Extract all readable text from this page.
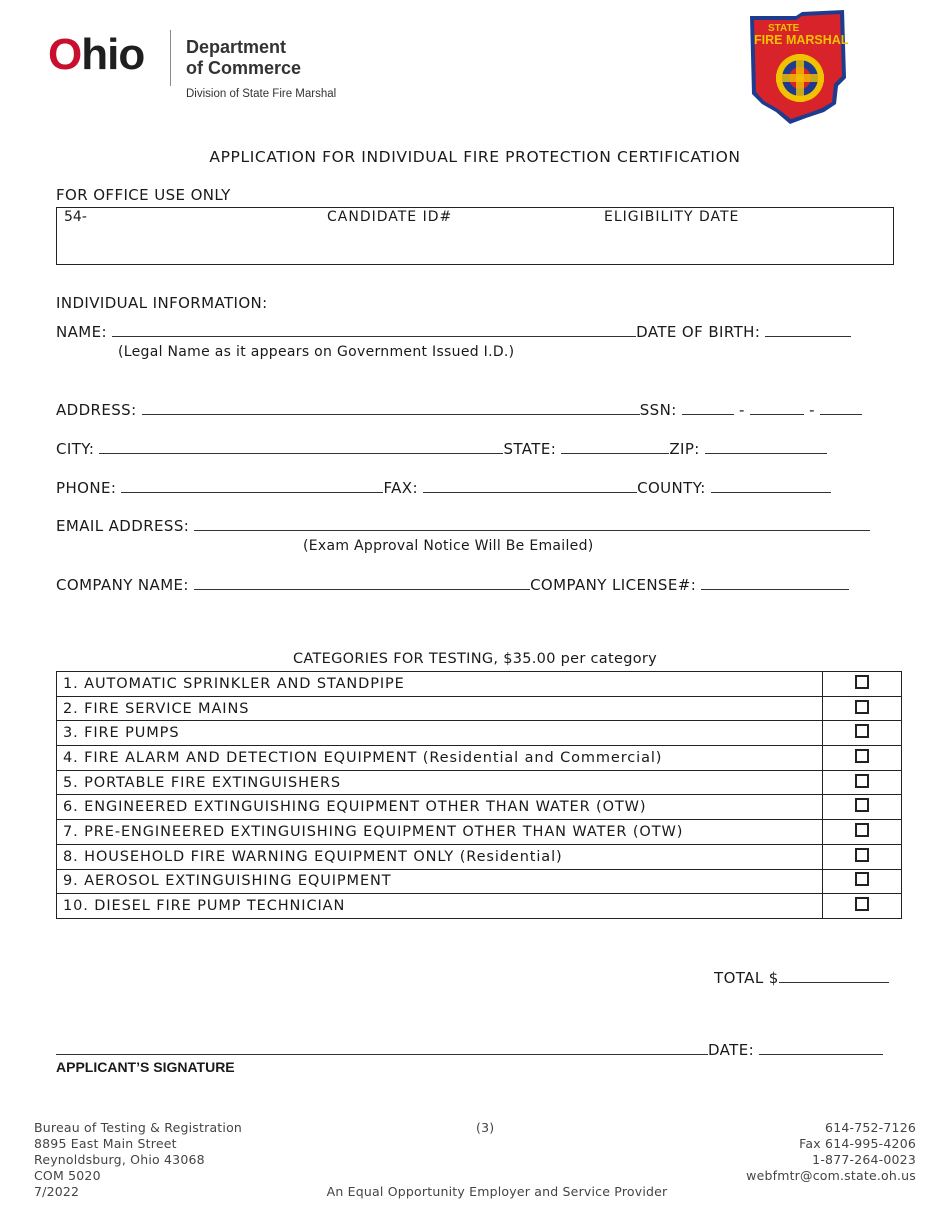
Ohio Department
of Commerce
Division of State Fire Marshal
STATE
FIRE MARSHAL
APPLICATION FOR INDIVIDUAL FIRE PROTECTION CERTIFICATION
FOR OFFICE USE ONLY
54-	CANDIDATE ID#	ELIGIBILITY DATE
INDIVIDUAL INFORMATION:
NAME:	DATE OF BIRTH:
(Legal Name as it appears on Government Issued I.D.)
ADDRESS:	SSN:	-	-
CITY:	STATE:	ZIP:
PHONE:	FAX:	COUNTY:
EMAIL ADDRESS:
(Exam Approval Notice Will Be Emailed)
COMPANY NAME:	COMPANY LICENSE#:
CATEGORIES FOR TESTING, $35.00 per category
1. AUTOMATIC SPRINKLER AND STANDPIPE	
2. FIRE SERVICE MAINS	
3. FIRE PUMPS	
4. FIRE ALARM AND DETECTION EQUIPMENT (Residential and Commercial)	
5. PORTABLE FIRE EXTINGUISHERS	
6. ENGINEERED EXTINGUISHING EQUIPMENT OTHER THAN WATER (OTW)	
7. PRE-ENGINEERED EXTINGUISHING EQUIPMENT OTHER THAN WATER (OTW)	
8. HOUSEHOLD FIRE WARNING EQUIPMENT ONLY (Residential)	
9. AEROSOL EXTINGUISHING EQUIPMENT	
10. DIESEL FIRE PUMP TECHNICIAN	
TOTAL $
DATE:
APPLICANT’S SIGNATURE
Bureau of Testing & Registration
8895 East Main Street
Reynoldsburg, Ohio 43068
COM 5020
7/2022
(3)	614-752-7126
Fax 614-995-4206
1-877-264-0023
webfmtr@com.state.oh.us
An Equal Opportunity Employer and Service Provider
